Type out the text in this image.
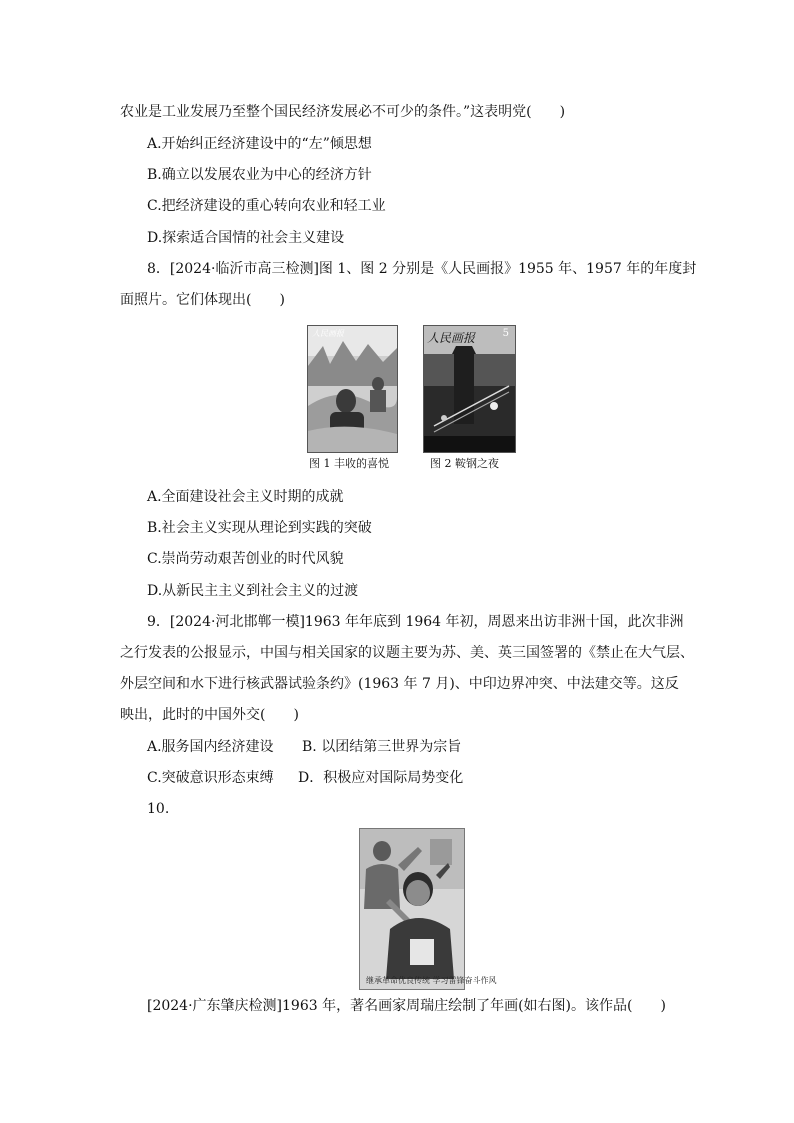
农业是工业发展乃至整个国民经济发展必不可少的条件。”这表明党(　　)
A.开始纠正经济建设中的“左”倾思想
B.确立以发展农业为中心的经济方针
C.把经济建设的重心转向农业和轻工业
D.探索适合国情的社会主义建设
8．[2024·临沂市高三检测]图 1、图 2 分别是《人民画报》1955 年、1957 年的年度封
面照片。它们体现出(　　)
人民画报
图 1 丰收的喜悦
人民画报	5
图 2 鞍钢之夜
A.全面建设社会主义时期的成就
B.社会主义实现从理论到实践的突破
C.崇尚劳动艰苦创业的时代风貌
D.从新民主主义到社会主义的过渡
9．[2024·河北邯郸一模]1963 年年底到 1964 年初，周恩来出访非洲十国，此次非洲
之行发表的公报显示，中国与相关国家的议题主要为苏、美、英三国签署的《禁止在大气层、
外层空间和水下进行核武器试验条约》(1963 年 7 月)、中印边界冲突、中法建交等。这反
映出，此时的中国外交(　　)
A.服务国内经济建设 B. 以团结第三世界为宗旨
C.突破意识形态束缚 D．积极应对国际局势变化
10.
继承革命优良传统 学习雷锋奋斗作风
[2024·广东肇庆检测]1963 年，著名画家周瑞庄绘制了年画(如右图)。该作品(　　)
